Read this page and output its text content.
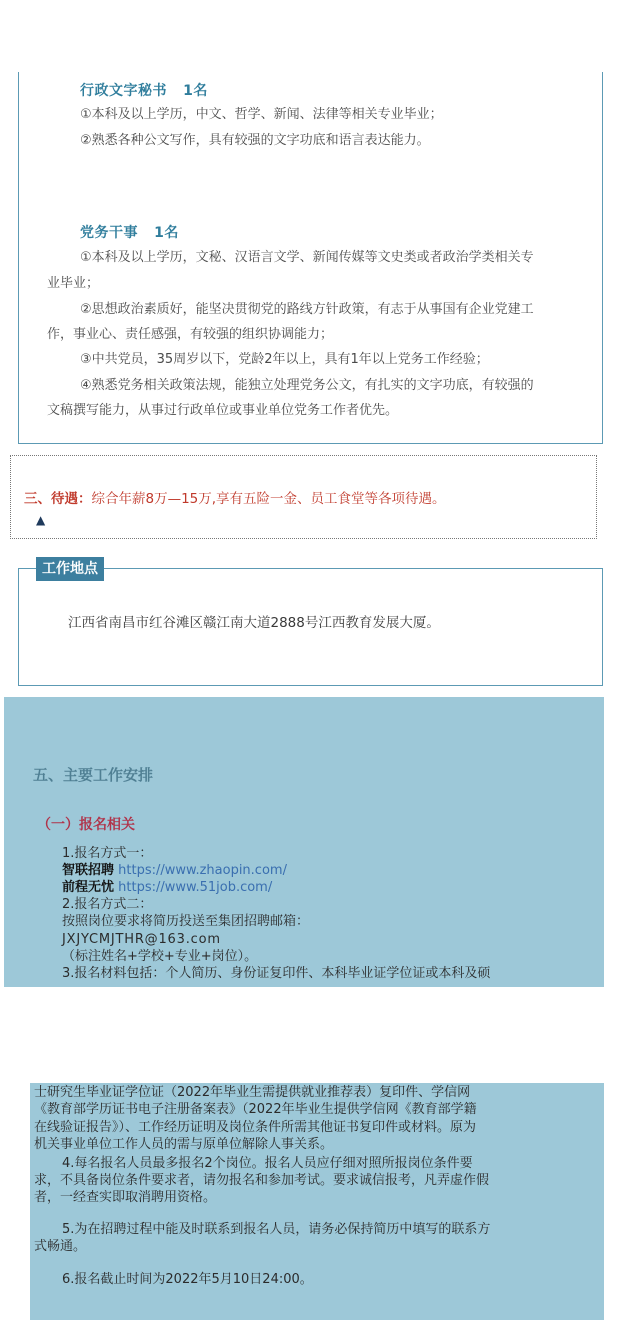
行政文字秘书 1名
①本科及以上学历，中文、哲学、新闻、法律等相关专业毕业；
②熟悉各种公文写作，具有较强的文字功底和语言表达能力。
党务干事 1名
①本科及以上学历，文秘、汉语言文学、新闻传媒等文史类或者政治学类相关专
业毕业；
②思想政治素质好，能坚决贯彻党的路线方针政策，有志于从事国有企业党建工
作，事业心、责任感强，有较强的组织协调能力；
③中共党员，35周岁以下，党龄2年以上，具有1年以上党务工作经验；
④熟悉党务相关政策法规，能独立处理党务公文，有扎实的文字功底，有较强的
文稿撰写能力，从事过行政单位或事业单位党务工作者优先。
三、待遇：综合年薪8万—15万,享有五险一金、员工食堂等各项待遇。
▲
工作地点
江西省南昌市红谷滩区赣江南大道2888号江西教育发展大厦。
五、主要工作安排
（一）报名相关
1.报名方式一：
智联招聘 https://www.zhaopin.com/
前程无忧 https://www.51job.com/
2.报名方式二：
按照岗位要求将简历投送至集团招聘邮箱：
JXJYCMJTHR@163.com
（标注姓名+学校+专业+岗位）。
3.报名材料包括：个人简历、身份证复印件、本科毕业证学位证或本科及硕
士研究生毕业证学位证（2022年毕业生需提供就业推荐表）复印件、学信网
《教育部学历证书电子注册备案表》（2022年毕业生提供学信网《教育部学籍
在线验证报告》）、工作经历证明及岗位条件所需其他证书复印件或材料。原为
机关事业单位工作人员的需与原单位解除人事关系。
4.每名报名人员最多报名2个岗位。报名人员应仔细对照所报岗位条件要
求，不具备岗位条件要求者，请勿报名和参加考试。要求诚信报考，凡弄虚作假
者，一经查实即取消聘用资格。
5.为在招聘过程中能及时联系到报名人员，请务必保持简历中填写的联系方
式畅通。
6.报名截止时间为2022年5月10日24:00。
